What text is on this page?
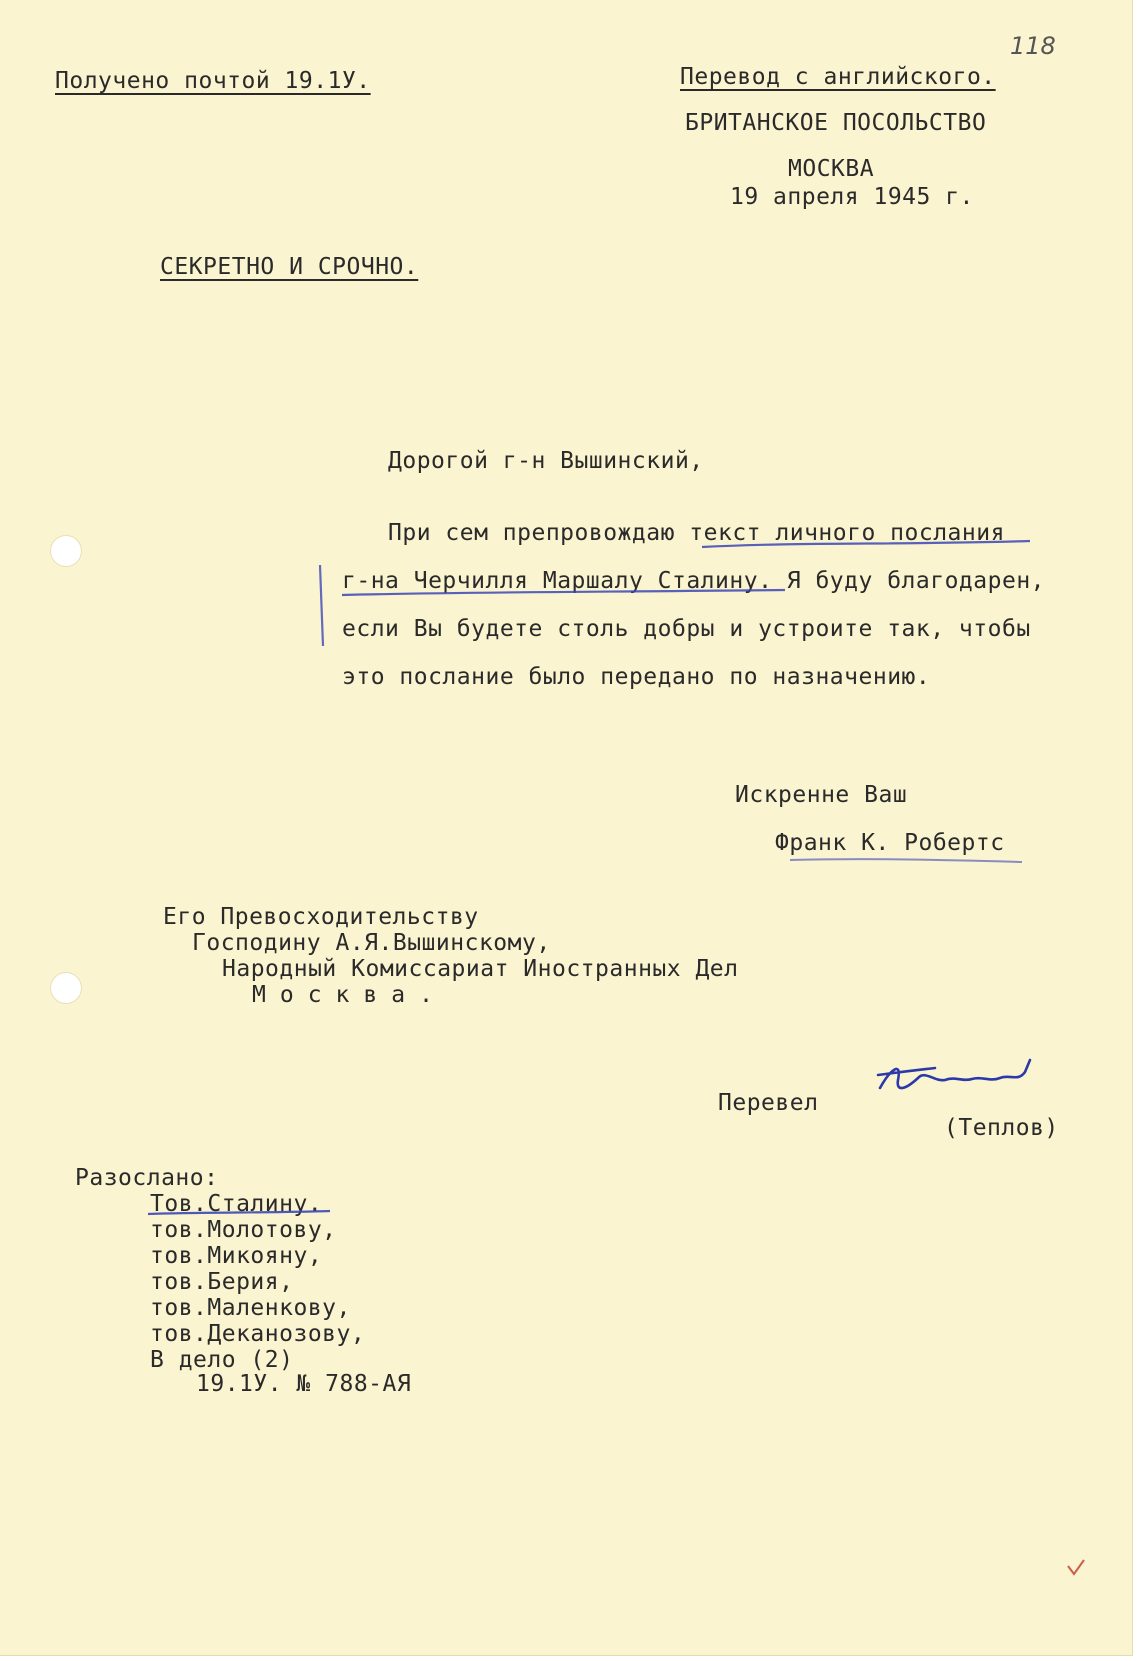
118
Получено почтой 19.1У.	Перевод с английского.
БРИТАНСКОЕ ПОСОЛЬСТВО
МОСКВА
19 апреля 1945 г.
СЕКРЕТНО И СРОЧНО.
Дорогой г-н Вышинский,
При сем препровождаю текст личного послания
г-на Черчилля Маршалу Сталину. Я буду благодарен,
если Вы будете столь добры и устроите так, чтобы
это послание было передано по назначению.
Искренне Ваш
Франк К. Робертс
Его Превосходительству
Господину А.Я.Вышинскому,
Народный Комиссариат Иностранных Дел
Москва.
Перевел
(Теплов)
Разослано:
Тов.Сталину.
тов.Молотову,
тов.Микояну,
тов.Берия,
тов.Маленкову,
тов.Деканозову,
В дело (2)
19.1У. № 788-АЯ
